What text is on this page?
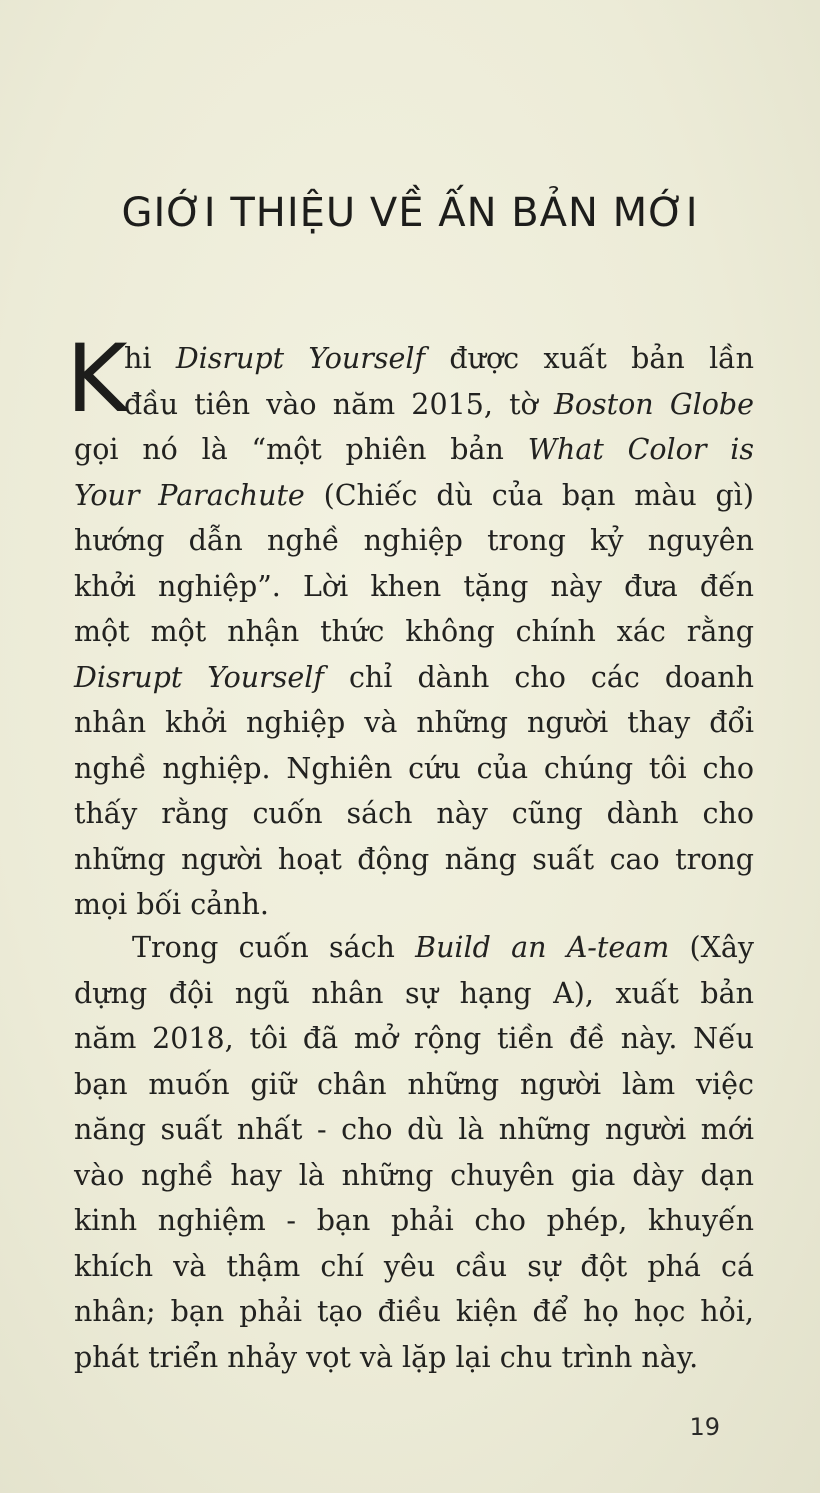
GIỚI THIỆU VỀ ẤN BẢN MỚI
K
hi Disrupt Yourself được xuất bản lần
đầu tiên vào năm 2015, tờ Boston Globe
gọi nó là “một phiên bản What Color is
Your Parachute (Chiếc dù của bạn màu gì)
hướng dẫn nghề nghiệp trong kỷ nguyên
khởi nghiệp”. Lời khen tặng này đưa đến
một một nhận thức không chính xác rằng
Disrupt Yourself chỉ dành cho các doanh
nhân khởi nghiệp và những người thay đổi
nghề nghiệp. Nghiên cứu của chúng tôi cho
thấy rằng cuốn sách này cũng dành cho
những người hoạt động năng suất cao trong
mọi bối cảnh.
Trong cuốn sách Build an A-team (Xây
dựng đội ngũ nhân sự hạng A), xuất bản
năm 2018, tôi đã mở rộng tiền đề này. Nếu
bạn muốn giữ chân những người làm việc
năng suất nhất - cho dù là những người mới
vào nghề hay là những chuyên gia dày dạn
kinh nghiệm - bạn phải cho phép, khuyến
khích và thậm chí yêu cầu sự đột phá cá
nhân; bạn phải tạo điều kiện để họ học hỏi,
phát triển nhảy vọt và lặp lại chu trình này.
19
